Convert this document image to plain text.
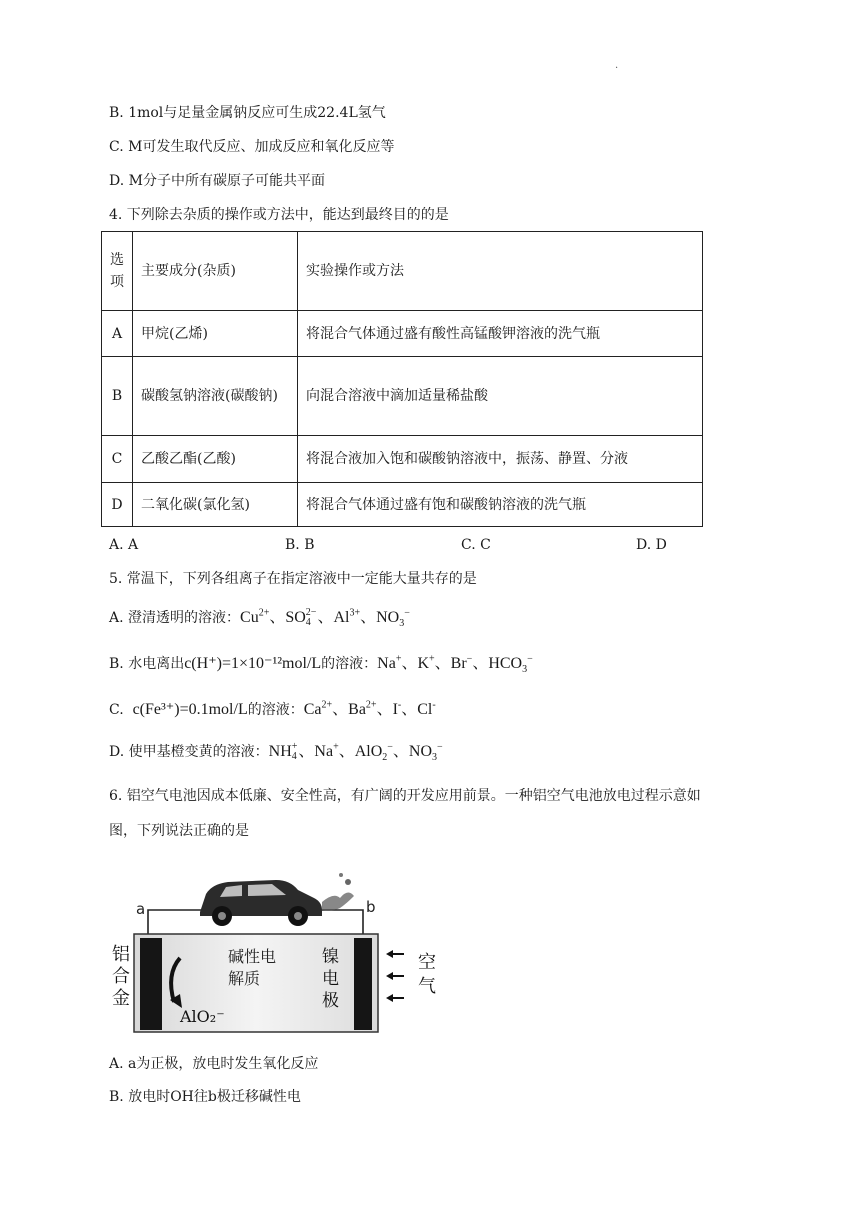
.
B. 1mol与足量金属钠反应可生成22.4L氢气
C. M可发生取代反应、加成反应和氧化反应等
D. M分子中所有碳原子可能共平面
4. 下列除去杂质的操作或方法中，能达到最终目的的是
选项	主要成分(杂质)	实验操作或方法
A	甲烷(乙烯)	将混合气体通过盛有酸性高锰酸钾溶液的洗气瓶
B	碳酸氢钠溶液(碳酸钠)	向混合溶液中滴加适量稀盐酸
C	乙酸乙酯(乙酸)	将混合液加入饱和碳酸钠溶液中，振荡、静置、分液
D	二氧化碳(氯化氢)	将混合气体通过盛有饱和碳酸钠溶液的洗气瓶
A. A	B. B	C. C	D. D
5. 常温下，下列各组离子在指定溶液中一定能大量共存的是
A. 澄清透明的溶液：$Cu^{2+}$、SO 2−
4 、$Al^{3+}$、$NO_3^-$
B. 水电离出c(H⁺)=1×10⁻¹²mol/L的溶液：Na+、K+、Br−、$HCO_3^-$
C. c(Fe³⁺)=0.1mol/L的溶液：$Ca^{2+}$、$Ba^{2+}$、I-、Cl-
D. 使甲基橙变黄的溶液：NH +
4 、Na+、AlO$_2$−、$NO_3^-$
6. 铝空气电池因成本低廉、安全性高，有广阔的开发应用前景。一种铝空气电池放电过程示意如
图，下列说法正确的是
a	b
铝
合
金
碱性电
解质
镍
电
极
AlO₂⁻
空
气
A. a为正极，放电时发生氧化反应
B. 放电时OH往b极迁移碱性电
